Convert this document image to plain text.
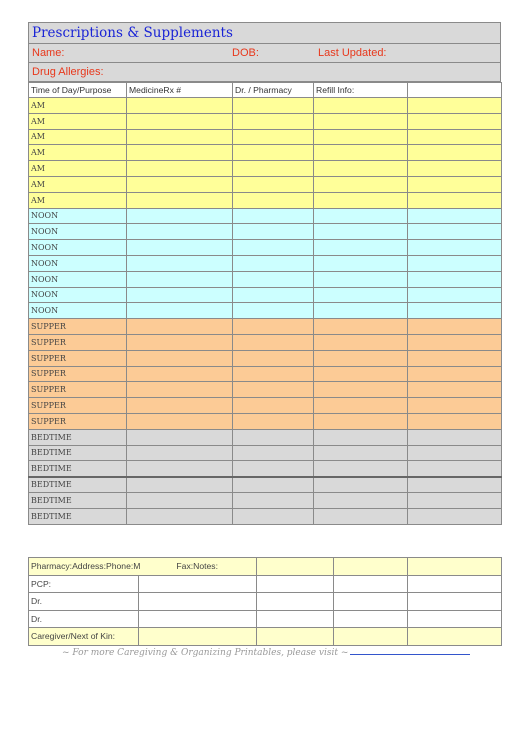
Prescriptions & Supplements
Name:	DOB:	Last Updated:
Drug Allergies:
Time of Day/Purpose	MedicineRx #	Dr. / Pharmacy	Refill Info:	
AM				
AM				
AM				
AM				
AM				
AM				
AM				
NOON				
NOON				
NOON				
NOON				
NOON				
NOON				
NOON				
SUPPER				
SUPPER				
SUPPER				
SUPPER				
SUPPER				
SUPPER				
SUPPER				
BEDTIME				
BEDTIME				
BEDTIME				
BEDTIME				
BEDTIME				
BEDTIME				
Pharmacy:Address:Phone:M Fax:Notes:				
PCP:				
Dr.				
Dr.				
Caregiver/Next of Kin:				
~ For more Caregiving & Organizing Printables, please visit ~
